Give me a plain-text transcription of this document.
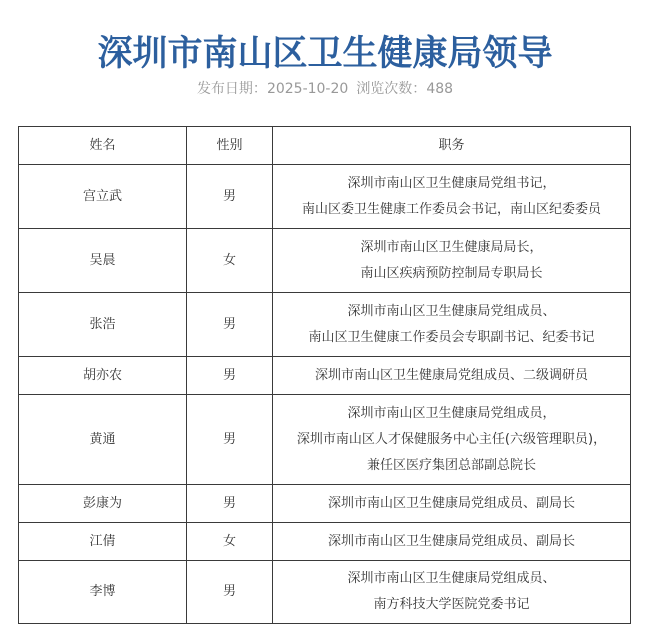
深圳市南山区卫生健康局领导
发布日期：2025-10-20 浏览次数：488
姓名	性别	职务
宫立武	男	深圳市南山区卫生健康局党组书记，
南山区委卫生健康工作委员会书记，南山区纪委委员

吴晨	女	深圳市南山区卫生健康局局长，
南山区疾病预防控制局专职局长

张浩	男	深圳市南山区卫生健康局党组成员、
南山区卫生健康工作委员会专职副书记、纪委书记

胡亦农	男	深圳市南山区卫生健康局党组成员、二级调研员

黄通	男	深圳市南山区卫生健康局党组成员，
深圳市南山区人才保健服务中心主任(六级管理职员)，
兼任区医疗集团总部副总院长

彭康为	男	深圳市南山区卫生健康局党组成员、副局长

江倩	女	深圳市南山区卫生健康局党组成员、副局长

李博	男	深圳市南山区卫生健康局党组成员、
南方科技大学医院党委书记
